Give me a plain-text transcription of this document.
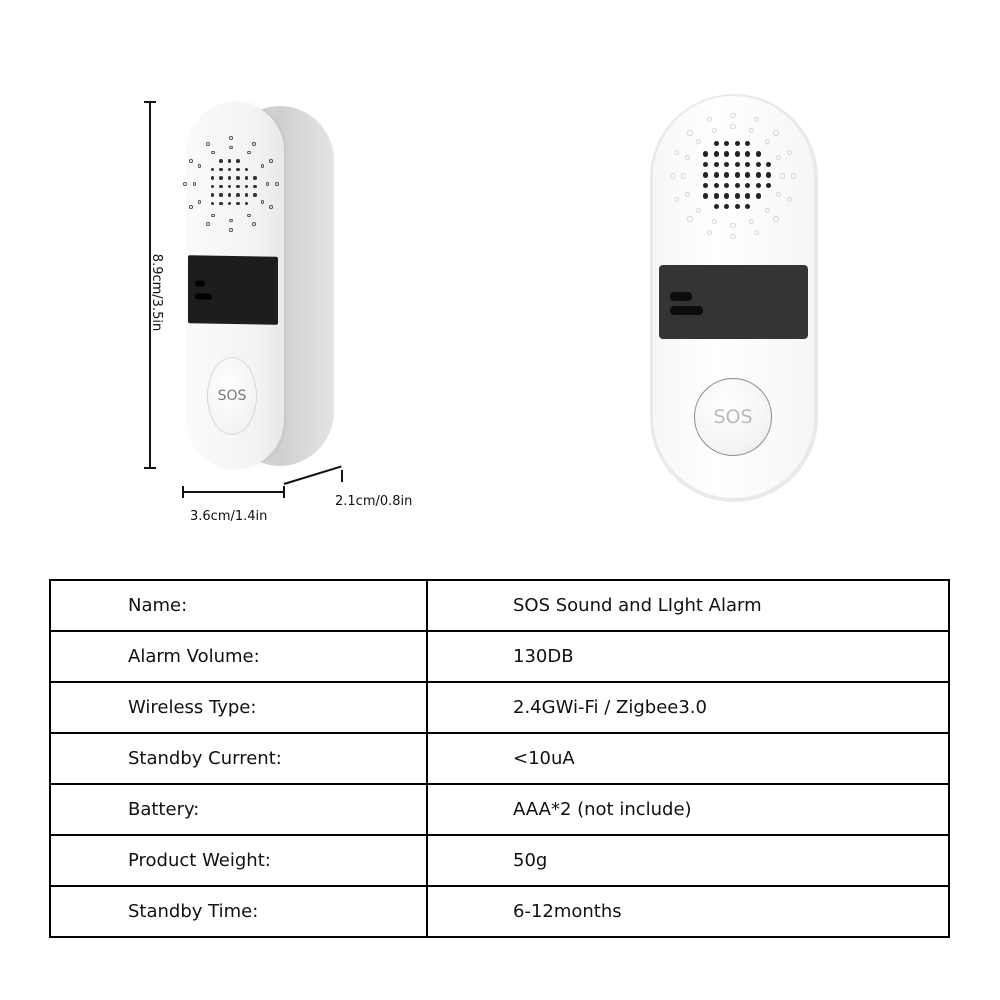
8.9cm/3.5in
3.6cm/1.4in
2.1cm/0.8in
SOS
SOS
Name:	SOS Sound and LIght Alarm
Alarm Volume:	130DB
Wireless Type:	2.4GWi-Fi / Zigbee3.0
Standby Current:	<10uA
Battery:	AAA*2 (not include)
Product Weight:	50g
Standby Time:	6-12months
